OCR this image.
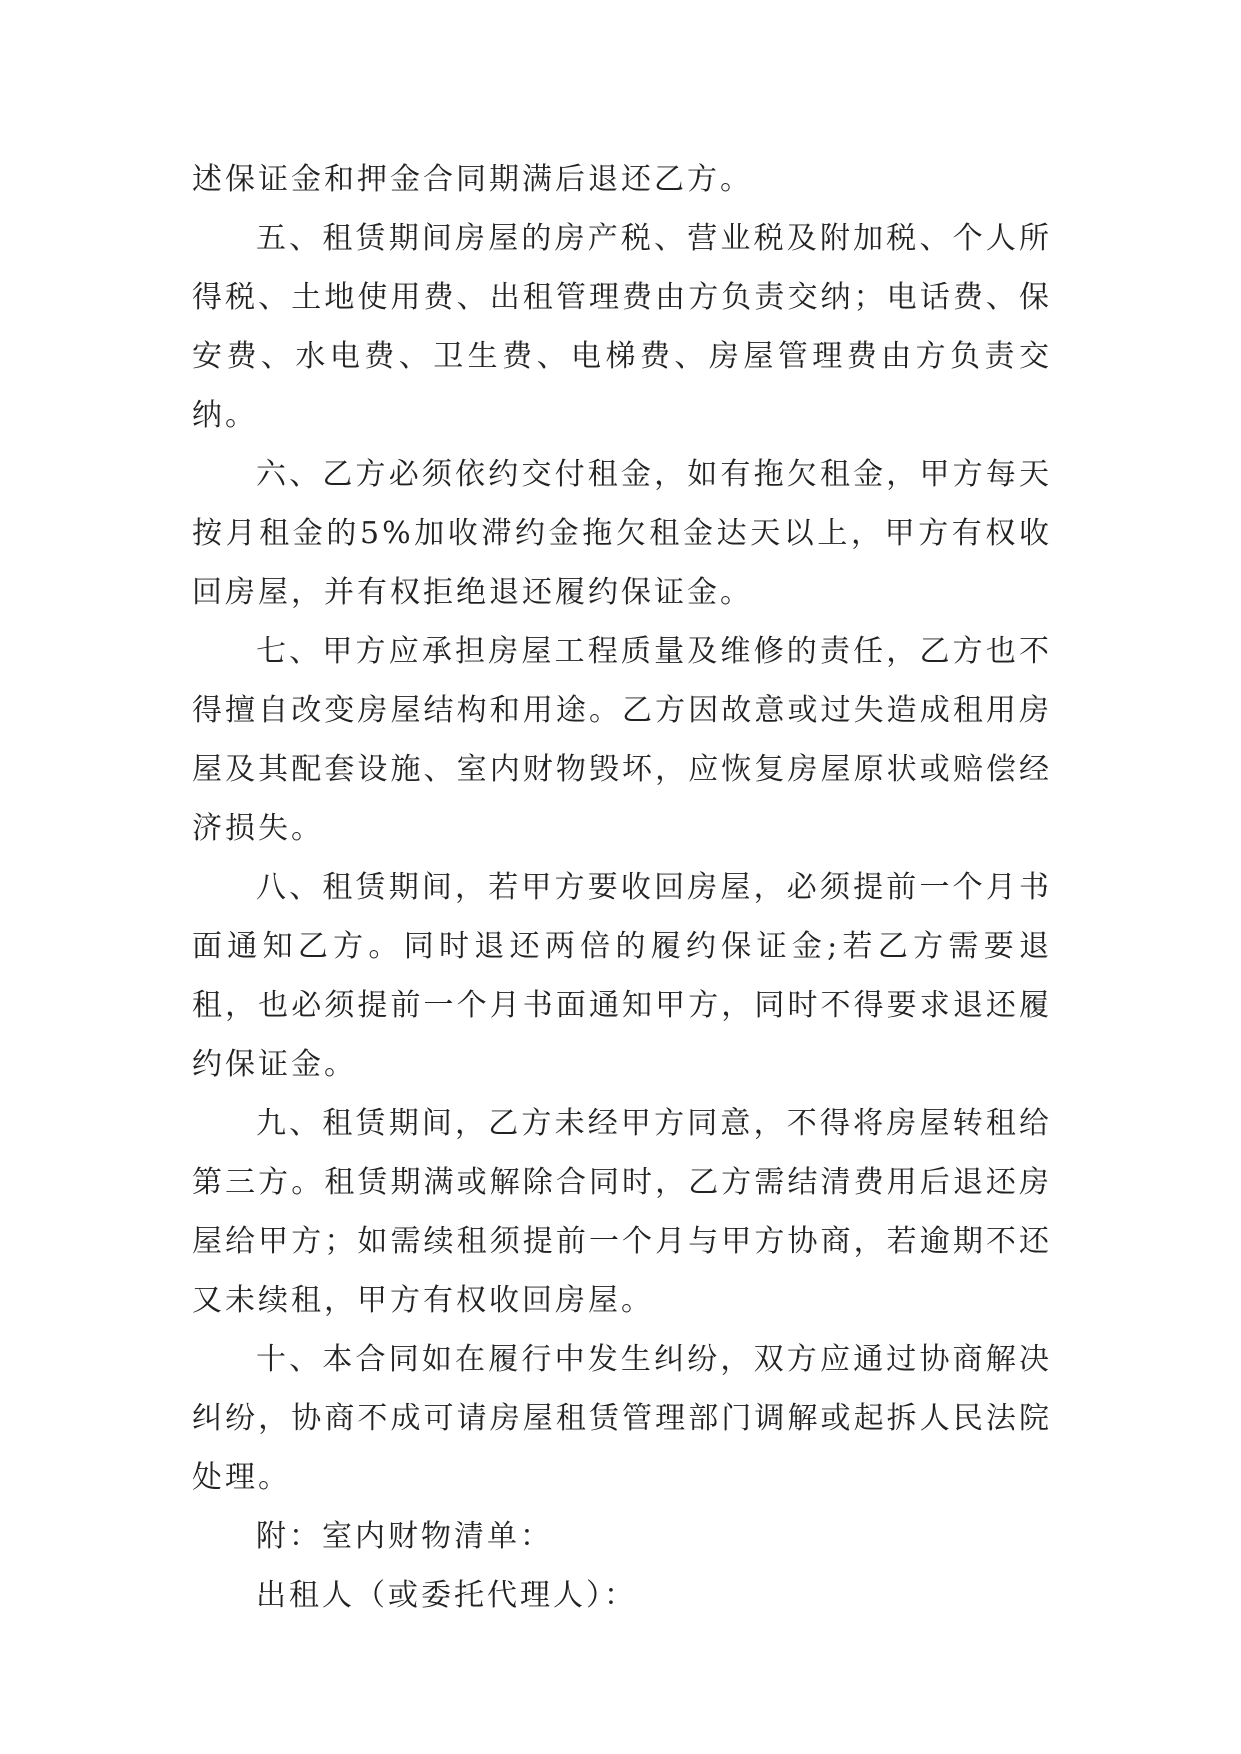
述保证金和押金合同期满后退还乙方。

五、租赁期间房屋的房产税、营业税及附加税、个人所得税、土地使用费、出租管理费由方负责交纳；电话费、保安费、水电费、卫生费、电梯费、房屋管理费由方负责交纳。

六、乙方必须依约交付租金，如有拖欠租金，甲方每天按月租金的5%加收滞约金拖欠租金达天以上，甲方有权收回房屋，并有权拒绝退还履约保证金。

七、甲方应承担房屋工程质量及维修的责任，乙方也不得擅自改变房屋结构和用途。乙方因故意或过失造成租用房屋及其配套设施、室内财物毁坏，应恢复房屋原状或赔偿经济损失。

八、租赁期间，若甲方要收回房屋，必须提前一个月书面通知乙方。同时退还两倍的履约保证金;若乙方需要退租，也必须提前一个月书面通知甲方，同时不得要求退还履约保证金。

九、租赁期间，乙方未经甲方同意，不得将房屋转租给第三方。租赁期满或解除合同时，乙方需结清费用后退还房屋给甲方；如需续租须提前一个月与甲方协商，若逾期不还又未续租，甲方有权收回房屋。

十、本合同如在履行中发生纠纷，双方应通过协商解决纠纷，协商不成可请房屋租赁管理部门调解或起拆人民法院处理。

附：室内财物清单：

出租人（或委托代理人）：
